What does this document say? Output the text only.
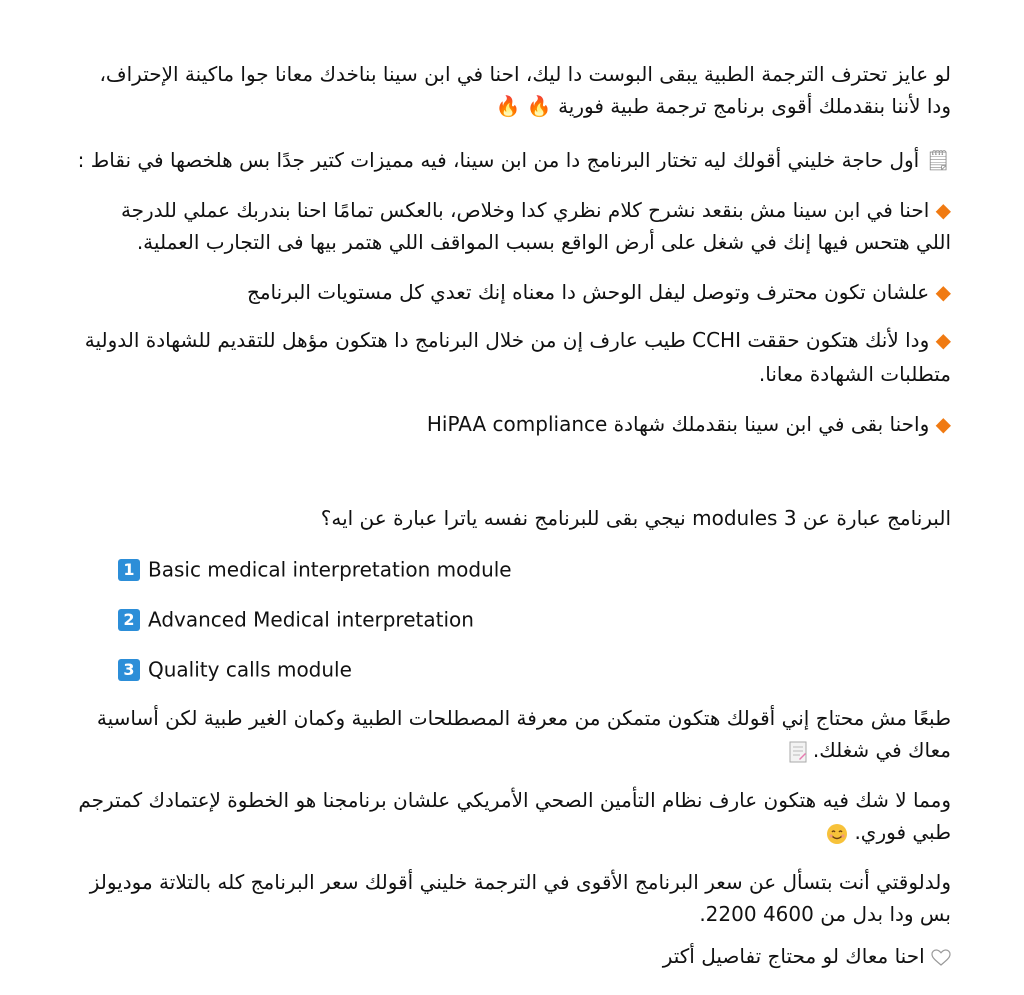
لو عايز تحترف الترجمة الطبية يبقى البوست دا ليك، احنا في ابن سينا بناخدك معانا جوا ماكينة الإحتراف،
ودا لأننا بنقدملك أقوى برنامج ترجمة طبية فورية 🔥 🔥
🗒 أول حاجة خليني أقولك ليه تختار البرنامج دا من ابن سينا، فيه مميزات كتير جدًا بس هلخصها في نقاط :
◆ احنا في ابن سينا مش بنقعد نشرح كلام نظري كدا وخلاص، بالعكس تمامًا احنا بندربك عملي للدرجة
اللي هتحس فيها إنك في شغل على أرض الواقع بسبب المواقف اللي هتمر بيها فى التجارب العملية.
◆ علشان تكون محترف وتوصل ليفل الوحش دا معناه إنك تعدي كل مستويات البرنامج
◆ ودا لأنك هتكون حققت CCHI طيب عارف إن من خلال البرنامج دا هتكون مؤهل للتقديم للشهادة الدولية
متطلبات الشهادة معانا.
◆ واحنا بقى في ابن سينا بنقدملك شهادة HiPAA compliance
البرنامج عبارة عن 3 modules نيجي بقى للبرنامج نفسه ياترا عبارة عن ايه؟
1 Basic medical interpretation module
2 Advanced Medical interpretation
3 Quality calls module
طبعًا مش محتاج إني أقولك هتكون متمكن من معرفة المصطلحات الطبية وكمان الغير طبية لكن أساسية
معاك في شغلك.
ومما لا شك فيه هتكون عارف نظام التأمين الصحي الأمريكي علشان برنامجنا هو الخطوة لإعتمادك كمترجم
طبي فوري.
ولدلوقتي أنت بتسأل عن سعر البرنامج الأقوى في الترجمة خليني أقولك سعر البرنامج كله بالتلاتة موديولز
بس ودا بدل من 4600 2200.
احنا معاك لو محتاج تفاصيل أكتر
